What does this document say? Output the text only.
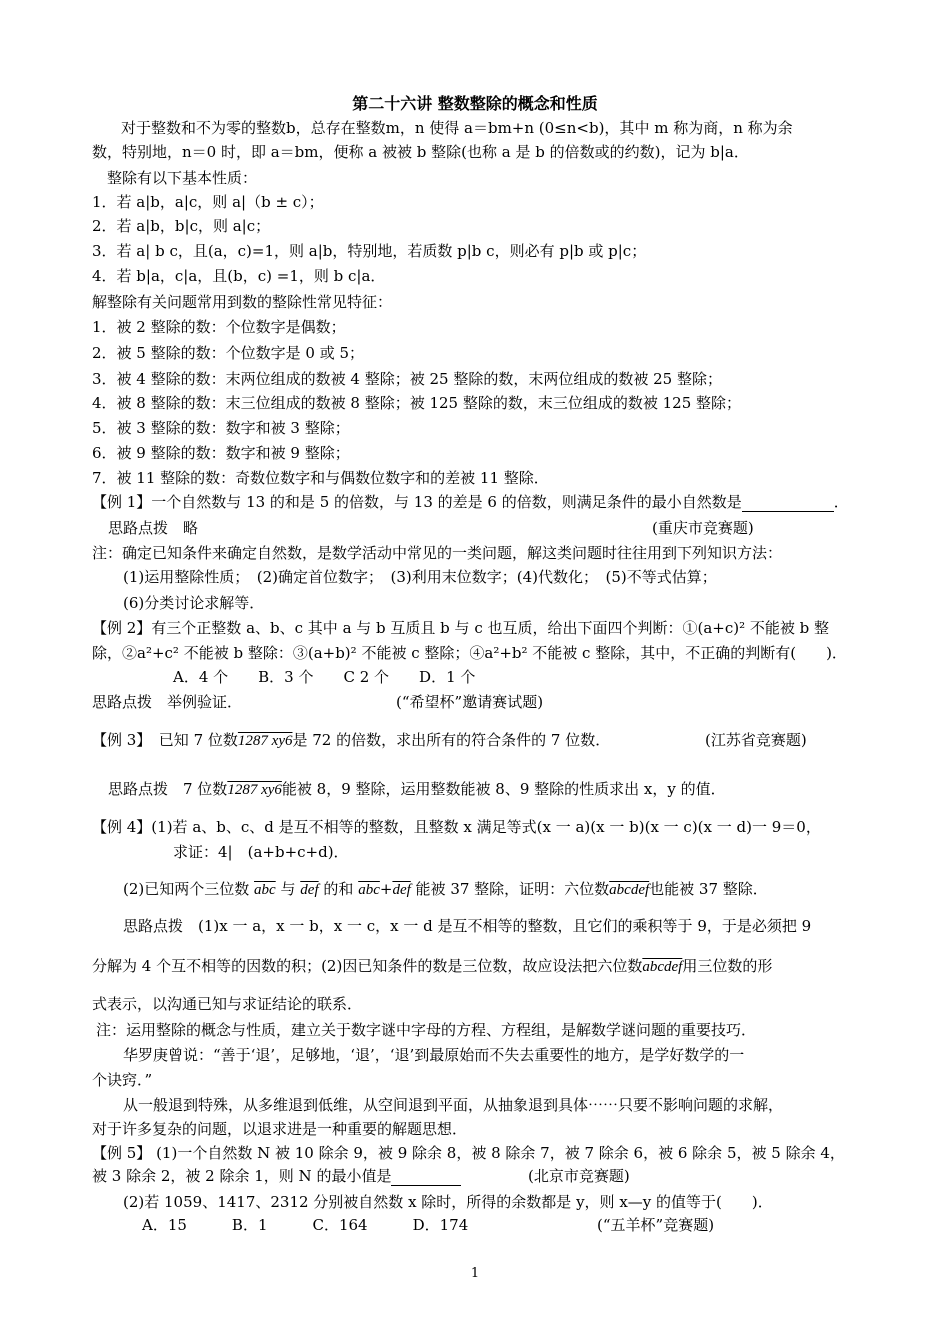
第二十六讲 整数整除的概念和性质
对于整数和不为零的整数b，总存在整数m，n 使得 a＝bm+n (0≤n<b)，其中 m 称为商，n 称为余
数，特别地，n＝0 时，即 a＝bm，便称 a 被被 b 整除(也称 a 是 b 的倍数或的约数)，记为 b|a．
整除有以下基本性质：
1．若 a|b，a|c，则 a|（b ± c）；
2．若 a|b，b|c，则 a|c；
3．若 a| b c，且(a，c)=1，则 a|b，特别地，若质数 p|b c，则必有 p|b 或 p|c；
4．若 b|a，c|a，且(b，c) =1，则 b c|a．
解整除有关问题常用到数的整除性常见特征：
1．被 2 整除的数：个位数字是偶数；
2．被 5 整除的数：个位数字是 0 或 5；
3．被 4 整除的数：末两位组成的数被 4 整除；被 25 整除的数，末两位组成的数被 25 整除；
4．被 8 整除的数：末三位组成的数被 8 整除；被 125 整除的数，末三位组成的数被 125 整除；
5．被 3 整除的数：数字和被 3 整除；
6．被 9 整除的数：数字和被 9 整除；
7．被 11 整除的数：奇数位数字和与偶数位数字和的差被 11 整除．
【例 1】一个自然数与 13 的和是 5 的倍数，与 13 的差是 6 的倍数，则满足条件的最小自然数是	．
思路点拨　略	(重庆市竞赛题)
注：确定已知条件来确定自然数，是数学活动中常见的一类问题，解这类问题时往往用到下列知识方法：
(1)运用整除性质；　(2)确定首位数字；　(3)利用末位数字；(4)代数化；　(5)不等式估算；
(6)分类讨论求解等．
【例 2】有三个正整数 a、b、c 其中 a 与 b 互质且 b 与 c 也互质，给出下面四个判断：①(a+c)² 不能被 b 整
除，②a²+c² 不能被 b 整除：③(a+b)² 不能被 c 整除；④a²+b² 不能被 c 整除，其中，不正确的判断有(　　)．
A．4 个　　B．3 个　　C 2 个　　D．1 个
思路点拨　举例验证．	(“希望杯”邀请赛试题)
【例 3】　已知 7 位数1287 xy6是 72 的倍数，求出所有的符合条件的 7 位数．	(江苏省竞赛题)
思路点拨　7 位数1287 xy6能被 8，9 整除，运用整数能被 8、9 整除的性质求出 x，y 的值．
【例 4】(1)若 a、b、c、d 是互不相等的整数，且整数 x 满足等式(x 一 a)(x 一 b)(x 一 c)(x 一 d)一 9＝0，
求证：4|　(a+b+c+d)．
(2)已知两个三位数 $\overline{abc}$ 与 $\overline{def}$ 的和 $\overline{abc}+\overline{def}$ 能被 37 整除，证明：六位数abcdef也能被 37 整除．
思路点拨　(1)x 一 a，x 一 b，x 一 c，x 一 d 是互不相等的整数，且它们的乘积等于 9，于是必须把 9
分解为 4 个互不相等的因数的积；(2)因已知条件的数是三位数，故应设法把六位数abcdef用三位数的形
式表示，以沟通已知与求证结论的联系．
注：运用整除的概念与性质，建立关于数字谜中字母的方程、方程组，是解数学谜问题的重要技巧．
华罗庚曾说：“善于‘退’，足够地，‘退’，‘退’到最原始而不失去重要性的地方，是学好数学的一
个诀窍．”
从一般退到特殊，从多维退到低维，从空间退到平面，从抽象退到具体⋯⋯只要不影响问题的求解，
对于许多复杂的问题，以退求进是一种重要的解题思想．
【例 5】 (1)一个自然数 N 被 10 除余 9，被 9 除余 8，被 8 除余 7，被 7 除余 6，被 6 除余 5，被 5 除余 4，
被 3 除余 2，被 2 除余 1，则 N 的最小值是	(北京市竞赛题)
(2)若 1059、1417、2312 分别被自然数 x 除时，所得的余数都是 y，则 x—y 的值等于(　　)．
A．15　　　B．1　　　C．164　　　D．174	(“五羊杯”竞赛题)
1
